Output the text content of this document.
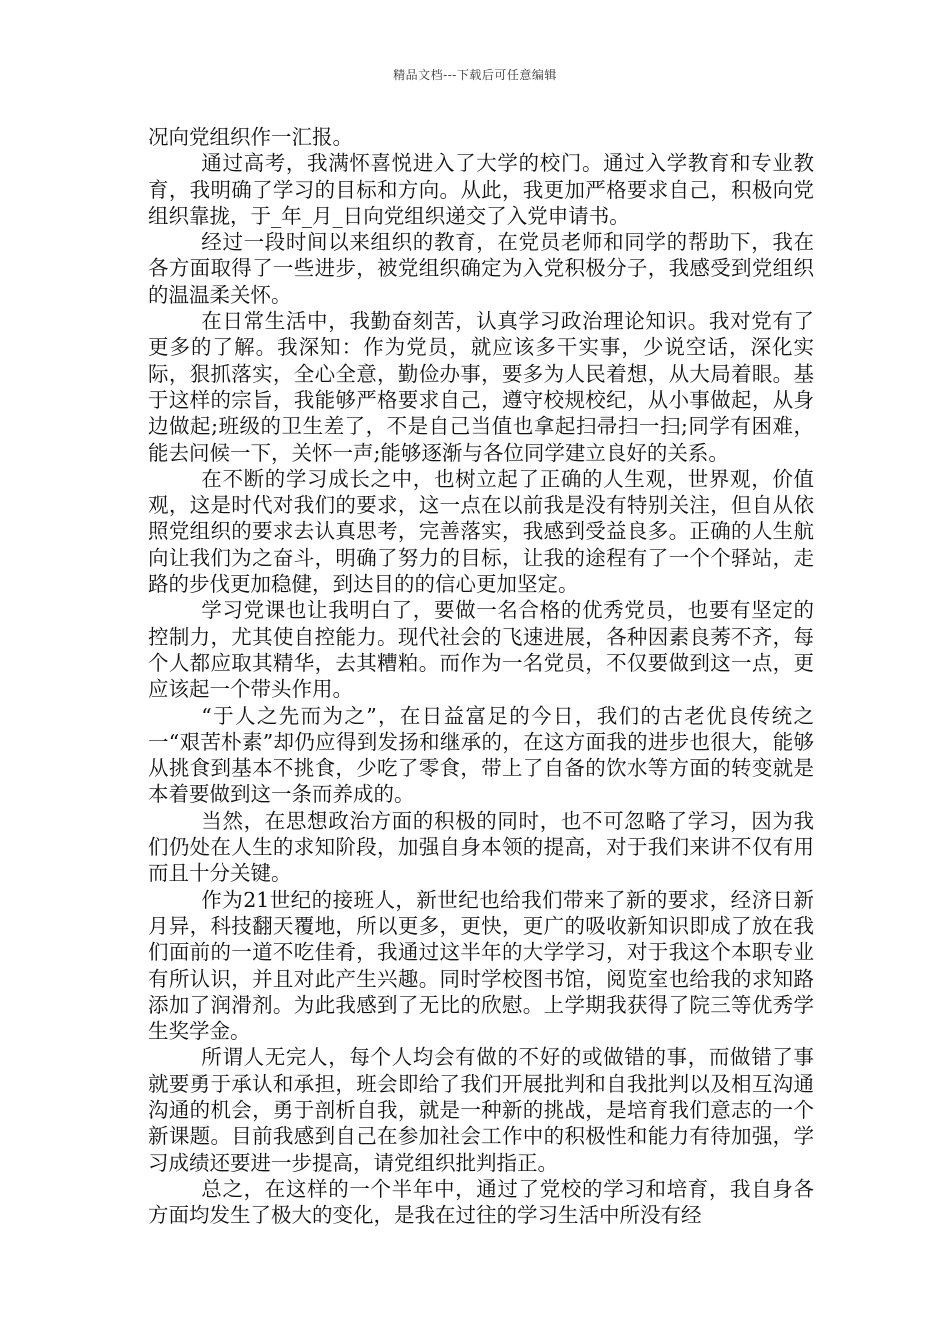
精品文档---下载后可任意编辑

况向党组织作一汇报。

通过高考，我满怀喜悦进入了大学的校门。通过入学教育和专业教育，我明确了学习的目标和方向。从此，我更加严格要求自己，积极向党组织靠拢，于_年_月_日向党组织递交了入党申请书。

经过一段时间以来组织的教育，在党员老师和同学的帮助下，我在各方面取得了一些进步，被党组织确定为入党积极分子，我感受到党组织的温温柔关怀。

在日常生活中，我勤奋刻苦，认真学习政治理论知识。我对党有了更多的了解。我深知：作为党员，就应该多干实事，少说空话，深化实际，狠抓落实，全心全意，勤俭办事，要多为人民着想，从大局着眼。基于这样的宗旨，我能够严格要求自己，遵守校规校纪，从小事做起，从身边做起;班级的卫生差了，不是自己当值也拿起扫帚扫一扫;同学有困难，能去问候一下，关怀一声;能够逐渐与各位同学建立良好的关系。

在不断的学习成长之中，也树立起了正确的人生观，世界观，价值观，这是时代对我们的要求，这一点在以前我是没有特别关注，但自从依照党组织的要求去认真思考，完善落实，我感到受益良多。正确的人生航向让我们为之奋斗，明确了努力的目标，让我的途程有了一个个驿站，走路的步伐更加稳健，到达目的的信心更加坚定。

学习党课也让我明白了，要做一名合格的优秀党员，也要有坚定的控制力，尤其使自控能力。现代社会的飞速进展，各种因素良莠不齐，每个人都应取其精华，去其糟粕。而作为一名党员，不仅要做到这一点，更应该起一个带头作用。

“于人之先而为之”，在日益富足的今日，我们的古老优良传统之一“艰苦朴素”却仍应得到发扬和继承的，在这方面我的进步也很大，能够从挑食到基本不挑食，少吃了零食，带上了自备的饮水等方面的转变就是本着要做到这一条而养成的。

当然，在思想政治方面的积极的同时，也不可忽略了学习，因为我们仍处在人生的求知阶段，加强自身本领的提高，对于我们来讲不仅有用而且十分关键。

作为21世纪的接班人，新世纪也给我们带来了新的要求，经济日新月异，科技翻天覆地，所以更多，更快，更广的吸收新知识即成了放在我们面前的一道不吃佳肴，我通过这半年的大学学习，对于我这个本职专业有所认识，并且对此产生兴趣。同时学校图书馆，阅览室也给我的求知路添加了润滑剂。为此我感到了无比的欣慰。上学期我获得了院三等优秀学生奖学金。

所谓人无完人，每个人均会有做的不好的或做错的事，而做错了事就要勇于承认和承担，班会即给了我们开展批判和自我批判以及相互沟通沟通的机会，勇于剖析自我，就是一种新的挑战，是培育我们意志的一个新课题。目前我感到自己在参加社会工作中的积极性和能力有待加强，学习成绩还要进一步提高，请党组织批判指正。

总之，在这样的一个半年中，通过了党校的学习和培育，我自身各方面均发生了极大的变化，是我在过往的学习生活中所没有经
